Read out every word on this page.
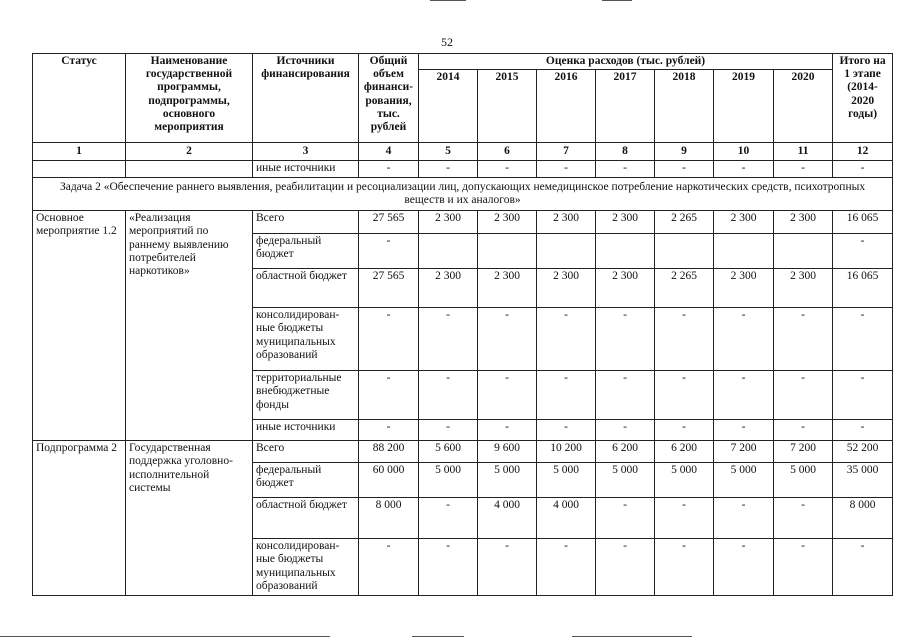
52
Статус	Наименование государственной программы, подпрограммы, основного мероприятия	Источники финансирования	Общий объем финанси-рования, тыс. рублей	Оценка расходов (тыс. рублей)							Итого на 1 этапе (2014-2020 годы)
				2014	2015	2016	2017	2018	2019	2020	
1	2	3	4	5	6	7	8	9	10	11	12
		иные источники	-	-	-	-	-	-	-	-	-
Задача 2 «Обеспечение раннего выявления, реабилитации и ресоциализации лиц, допускающих немедицинское потребление наркотических средств, психотропных веществ и их аналогов»											
Основное мероприятие 1.2	«Реализация мероприятий по раннему выявлению потребителей наркотиков»	Всего	27 565	2 300	2 300	2 300	2 300	2 265	2 300	2 300	16 065
		федеральный бюджет	-								-
		областной бюджет	27 565	2 300	2 300	2 300	2 300	2 265	2 300	2 300	16 065
		консолидирован-ные бюджеты муниципальных образований	-	-	-	-	-	-	-	-	-
		территориальные внебюджетные фонды	-	-	-	-	-	-	-	-	-
		иные источники	-	-	-	-	-	-	-	-	-
Подпрограмма 2	Государственная поддержка уголовно-исполнительной системы	Всего	88 200	5 600	9 600	10 200	6 200	6 200	7 200	7 200	52 200
		федеральный бюджет	60 000	5 000	5 000	5 000	5 000	5 000	5 000	5 000	35 000
		областной бюджет	8 000	-	4 000	4 000	-	-	-	-	8 000
		консолидирован-ные бюджеты муниципальных образований	-	-	-	-	-	-	-	-	-
